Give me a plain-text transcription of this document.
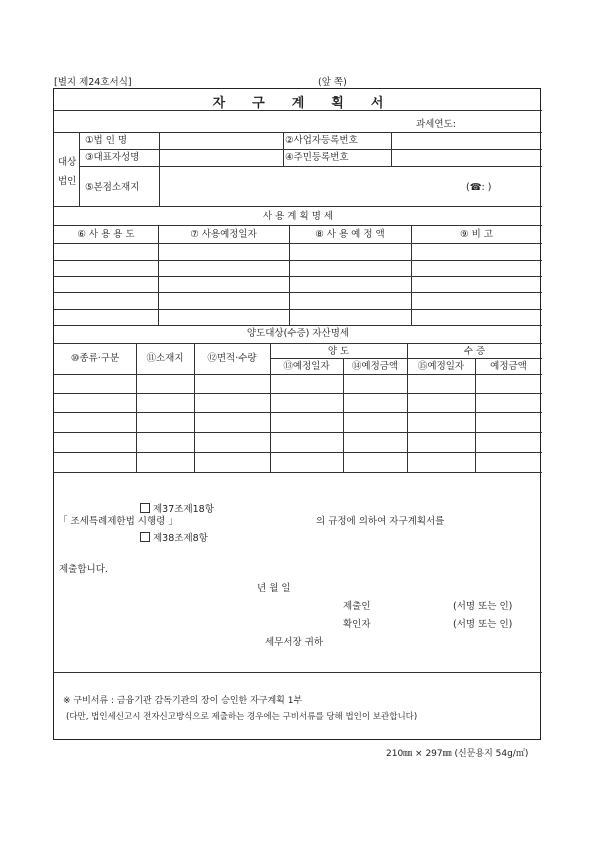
[별지 제24호서식]	(앞 쪽)
자구계획서
과세연도:
대상
법인
①법 인 명	②사업자등록번호
③대표자성명	④주민등록번호
⑤본점소재지	(☎: )
사 용 계 획 명 세
⑥ 사 용 용 도	⑦ 사용예정일자	⑧ 사 용 예 정 액	⑨ 비 고
양도대상(수증) 자산명세
⑩종류·구분	⑪소재지	⑫면적·수량
양 도	수 증
⑬예정일자	⑭예정금액	⑮예정일자	예정금액
제37조제18항
「 조세특례제한법 시행령 」	의 규정에 의하여 자구계획서를
제38조제8항
제출합니다.
년 월 일
제출인	(서명 또는 인)
확인자	(서명 또는 인)
세무서장 귀하
※ 구비서류 : 금융기관 감독기관의 장이 승인한 자구계획 1부
(다만, 법인세신고시 전자신고방식으로 제출하는 경우에는 구비서류를 당해 법인이 보관합니다)
210㎜ × 297㎜ (신문용지 54g/㎡)
